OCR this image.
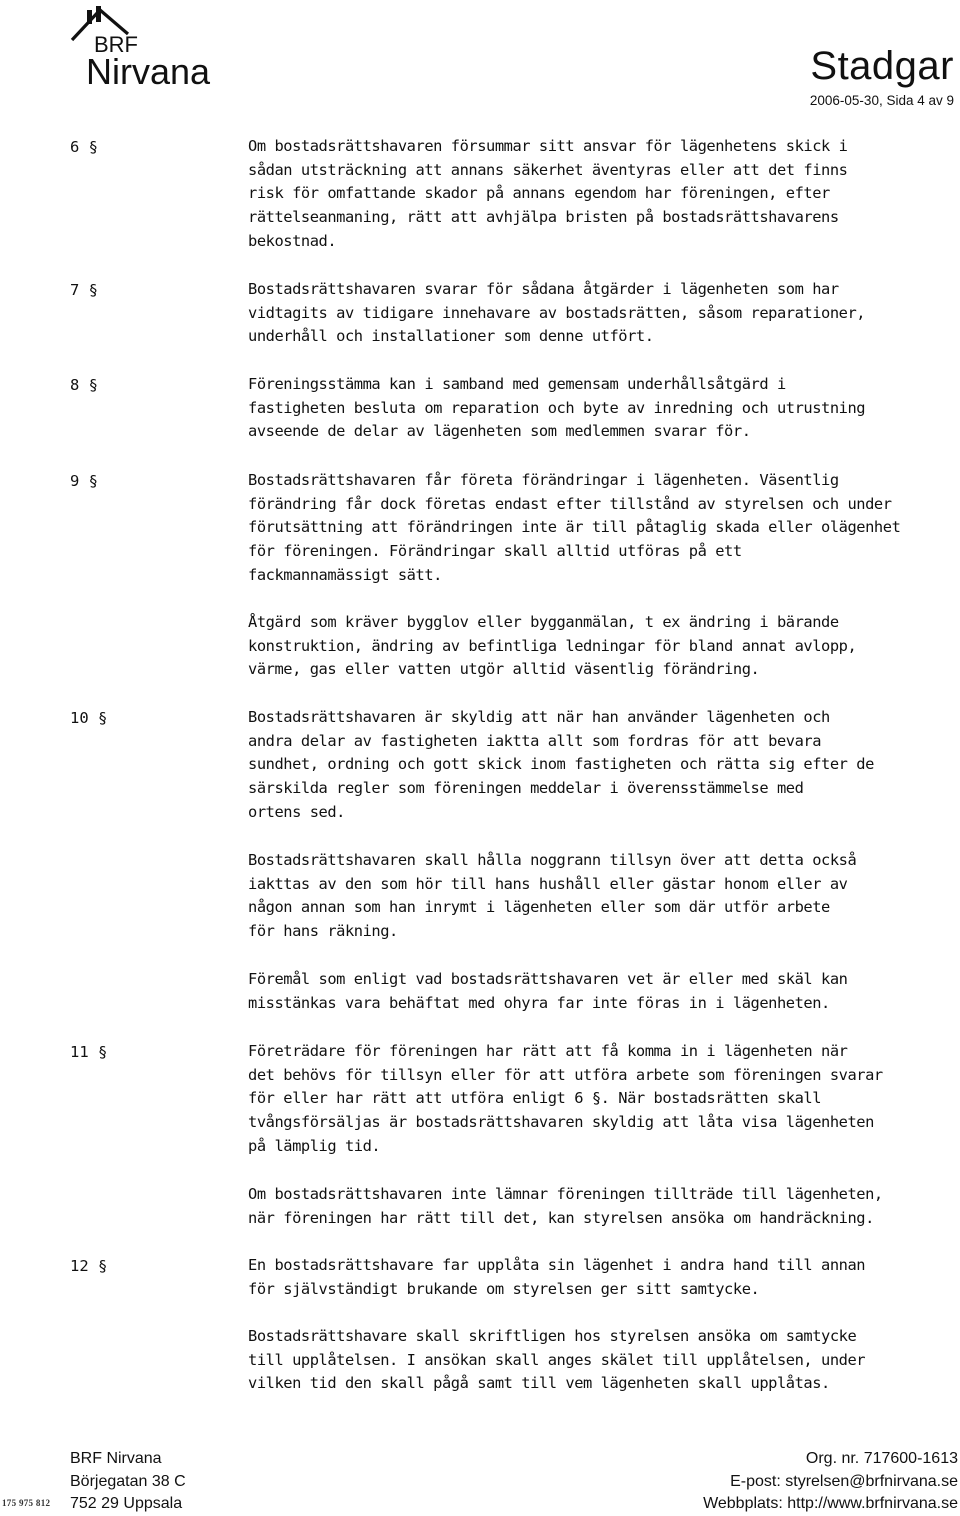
BRF
Nirvana	Stadgar
2006-05-30, Sida 4 av 9
6 §	Om bostadsrättshavaren försummar sitt ansvar för lägenhetens skick i
sådan utsträckning att annans säkerhet äventyras eller att det finns
risk för omfattande skador på annans egendom har föreningen, efter
rättelseanmaning, rätt att avhjälpa bristen på bostadsrättshavarens
bekostnad.
7 §	Bostadsrättshavaren svarar för sådana åtgärder i lägenheten som har
vidtagits av tidigare innehavare av bostadsrätten, såsom reparationer,
underhåll och installationer som denne utfört.
8 §	Föreningsstämma kan i samband med gemensam underhållsåtgärd i
fastigheten besluta om reparation och byte av inredning och utrustning
avseende de delar av lägenheten som medlemmen svarar för.
9 §	Bostadsrättshavaren får företa förändringar i lägenheten. Väsentlig
förändring får dock företas endast efter tillstånd av styrelsen och under
förutsättning att förändringen inte är till påtaglig skada eller olägenhet
för föreningen. Förändringar skall alltid utföras på ett
fackmannamässigt sätt.
Åtgärd som kräver bygglov eller bygganmälan, t ex ändring i bärande
konstruktion, ändring av befintliga ledningar för bland annat avlopp,
värme, gas eller vatten utgör alltid väsentlig förändring.
10 §	Bostadsrättshavaren är skyldig att när han använder lägenheten och
andra delar av fastigheten iaktta allt som fordras för att bevara
sundhet, ordning och gott skick inom fastigheten och rätta sig efter de
särskilda regler som föreningen meddelar i överensstämmelse med
ortens sed.
Bostadsrättshavaren skall hålla noggrann tillsyn över att detta också
iakttas av den som hör till hans hushåll eller gästar honom eller av
någon annan som han inrymt i lägenheten eller som där utför arbete
för hans räkning.
Föremål som enligt vad bostadsrättshavaren vet är eller med skäl kan
misstänkas vara behäftat med ohyra far inte föras in i lägenheten.
11 §	Företrädare för föreningen har rätt att få komma in i lägenheten när
det behövs för tillsyn eller för att utföra arbete som föreningen svarar
för eller har rätt att utföra enligt 6 §. När bostadsrätten skall
tvångsförsäljas är bostadsrättshavaren skyldig att låta visa lägenheten
på lämplig tid.
Om bostadsrättshavaren inte lämnar föreningen tillträde till lägenheten,
när föreningen har rätt till det, kan styrelsen ansöka om handräckning.
12 §	En bostadsrättshavare far upplåta sin lägenhet i andra hand till annan
för självständigt brukande om styrelsen ger sitt samtycke.
Bostadsrättshavare skall skriftligen hos styrelsen ansöka om samtycke
till upplåtelsen. I ansökan skall anges skälet till upplåtelsen, under
vilken tid den skall pågå samt till vem lägenheten skall upplåtas.
BRF Nirvana
Börjegatan 38 C
752 29 Uppsala
Org. nr. 717600-1613
E-post: styrelsen@brfnirvana.se
Webbplats: http://www.brfnirvana.se
175 975 812
